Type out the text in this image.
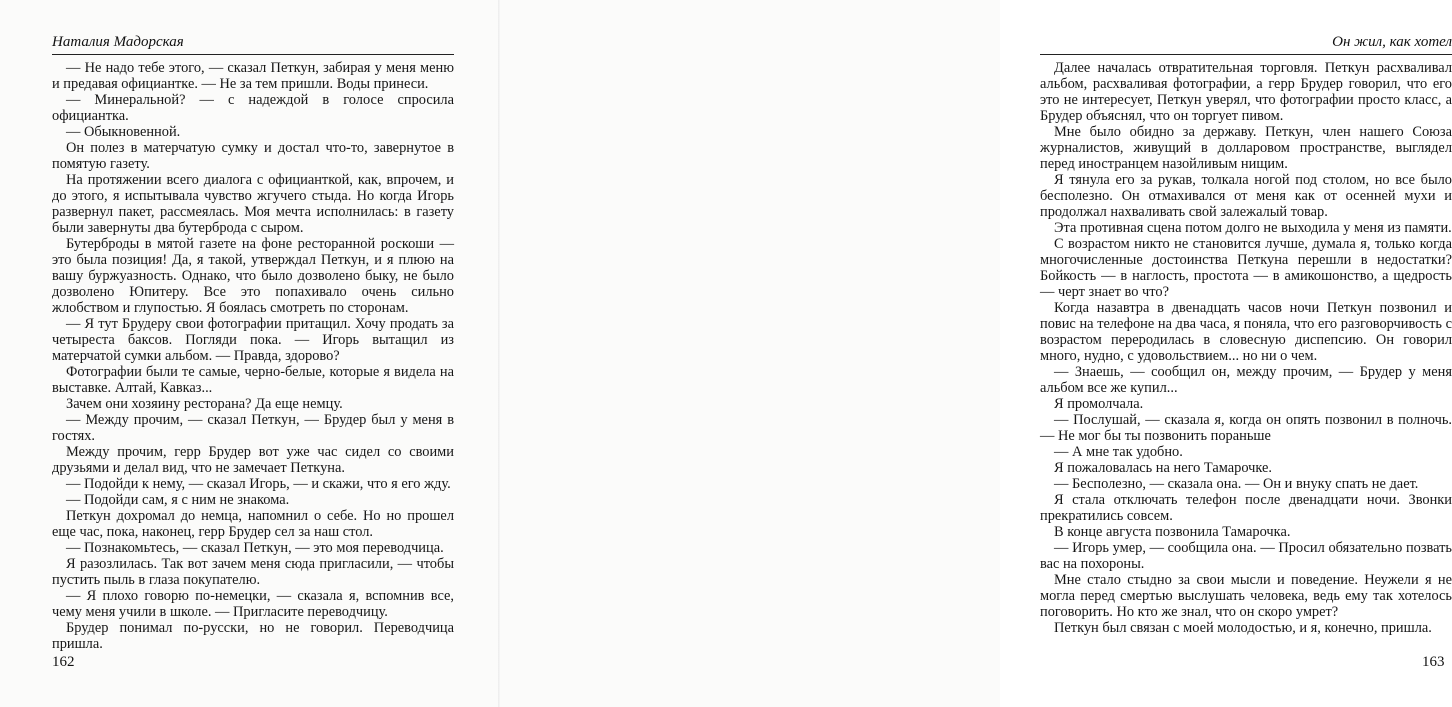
Наталия Мадорская

— Не надо тебе этого, — сказал Петкун, забирая у меня меню и предавая официантке. — Не за тем пришли. Воды принеси.

— Минеральной? — с надеждой в голосе спросила официантка.

— Обыкновенной.

Он полез в матерчатую сумку и достал что-то, завернутое в помятую газету.

На протяжении всего диалога с официанткой, как, впрочем, и до этого, я испытывала чувство жгучего стыда. Но когда Игорь развернул пакет, рассмеялась. Моя мечта исполнилась: в газету были завернуты два бутерброда с сыром.

Бутерброды в мятой газете на фоне ресторанной роскоши — это была позиция! Да, я такой, утверждал Петкун, и я плюю на вашу буржуазность. Однако, что было дозволено быку, не было дозволено Юпитеру. Все это попахивало очень сильно жлобством и глупостью. Я боялась смотреть по сторонам.

— Я тут Брудеру свои фотографии притащил. Хочу продать за четыреста баксов. Погляди пока. — Игорь вытащил из матерчатой сумки альбом. — Правда, здорово?

Фотографии были те самые, черно-белые, которые я видела на выставке. Алтай, Кавказ...

Зачем они хозяину ресторана? Да еще немцу.

— Между прочим, — сказал Петкун, — Брудер был у меня в гостях.

Между прочим, герр Брудер вот уже час сидел со своими друзьями и делал вид, что не замечает Петкуна.

— Подойди к нему, — сказал Игорь, — и скажи, что я его жду.

— Подойди сам, я с ним не знакома.

Петкун дохромал до немца, напомнил о себе. Но но прошел еще час, пока, наконец, герр Брудер сел за наш стол.

— Познакомьтесь, — сказал Петкун, — это моя переводчица.

Я разозлилась. Так вот зачем меня сюда пригласили, — чтобы пустить пыль в глаза покупателю.

— Я плохо говорю по-немецки, — сказала я, вспомнив все, чему меня учили в школе. — Пригласите переводчицу.

Брудер понимал по-русски, но не говорил. Переводчица пришла.

162
Он жил, как хотел

Далее началась отвратительная торговля. Петкун расхваливал альбом, расхваливая фотографии, а герр Брудер говорил, что его это не интересует, Петкун уверял, что фотографии просто класс, а Брудер объяснял, что он торгует пивом.

Мне было обидно за державу. Петкун, член нашего Союза журналистов, живущий в долларовом пространстве, выглядел перед иностранцем назойливым нищим.

Я тянула его за рукав, толкала ногой под столом, но все было бесполезно. Он отмахивался от меня как от осенней мухи и продолжал нахваливать свой залежалый товар.

Эта противная сцена потом долго не выходила у меня из памяти.

С возрастом никто не становится лучше, думала я, только когда многочисленные достоинства Петкуна перешли в недостатки? Бойкость — в наглость, простота — в амикошонство, а щедрость — черт знает во что?

Когда назавтра в двенадцать часов ночи Петкун позвонил и повис на телефоне на два часа, я поняла, что его разговорчивость с возрастом переродилась в словесную диспепсию. Он говорил много, нудно, с удовольствием... но ни о чем.

— Знаешь, — сообщил он, между прочим, — Брудер у меня альбом все же купил...

Я промолчала.

— Послушай, — сказала я, когда он опять позвонил в полночь. — Не мог бы ты позвонить пораньше

— А мне так удобно.

Я пожаловалась на него Тамарочке.

— Бесполезно, — сказала она. — Он и внуку спать не дает.

Я стала отключать телефон после двенадцати ночи. Звонки прекратились совсем.

В конце августа позвонила Тамарочка.

— Игорь умер, — сообщила она. — Просил обязательно позвать вас на похороны.

Мне стало стыдно за свои мысли и поведение. Неужели я не могла перед смертью выслушать человека, ведь ему так хотелось поговорить. Но кто же знал, что он скоро умрет?

Петкун был связан с моей молодостью, и я, конечно, пришла.

163
